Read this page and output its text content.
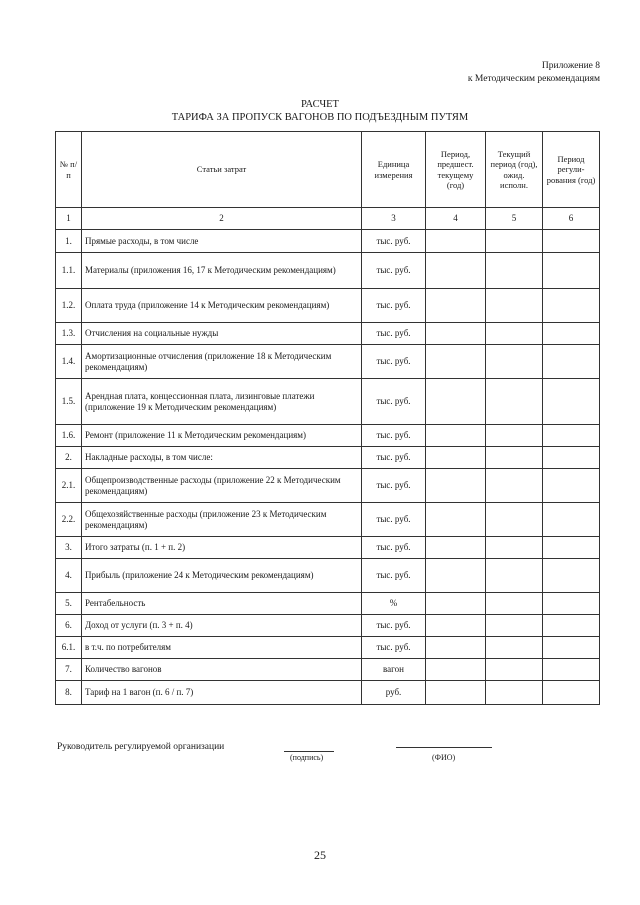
Приложение 8
к Методическим рекомендациям
РАСЧЕТ
ТАРИФА ЗА ПРОПУСК ВАГОНОВ ПО ПОДЪЕЗДНЫМ ПУТЯМ
№ п/п	Статьи затрат	Единица измерения	Период, предшест. текущему (год)	Текущий период (год), ожид. исполн.	Период регули-рования (год)
1	2	3	4	5	6
1.	Прямые расходы, в том числе	тыс. руб.			
1.1.	Материалы (приложения 16, 17 к Методическим рекомендациям)	тыс. руб.			
1.2.	Оплата труда (приложение 14 к Методическим рекомендациям)	тыс. руб.			
1.3.	Отчисления на социальные нужды	тыс. руб.			
1.4.	Амортизационные отчисления (приложение 18 к Методическим рекомендациям)	тыс. руб.			
1.5.	Арендная плата, концессионная плата, лизинговые платежи (приложение 19 к Методическим рекомендациям)	тыс. руб.			
1.6.	Ремонт (приложение 11 к Методическим рекомендациям)	тыс. руб.			
2.	Накладные расходы, в том числе:	тыс. руб.			
2.1.	Общепроизводственные расходы (приложение 22 к Методическим рекомендациям)	тыс. руб.			
2.2.	Общехозяйственные расходы (приложение 23 к Методическим рекомендациям)	тыс. руб.			
3.	Итого затраты (п. 1 + п. 2)	тыс. руб.			
4.	Прибыль (приложение 24 к Методическим рекомендациям)	тыс. руб.			
5.	Рентабельность	%			
6.	Доход от услуги (п. 3 + п. 4)	тыс. руб.			
6.1.	в т.ч. по потребителям	тыс. руб.			
7.	Количество вагонов	вагон			
8.	Тариф на 1 вагон (п. 6 / п. 7)	руб.			
Руководитель регулируемой организации
(подпись)	(ФИО)
25
